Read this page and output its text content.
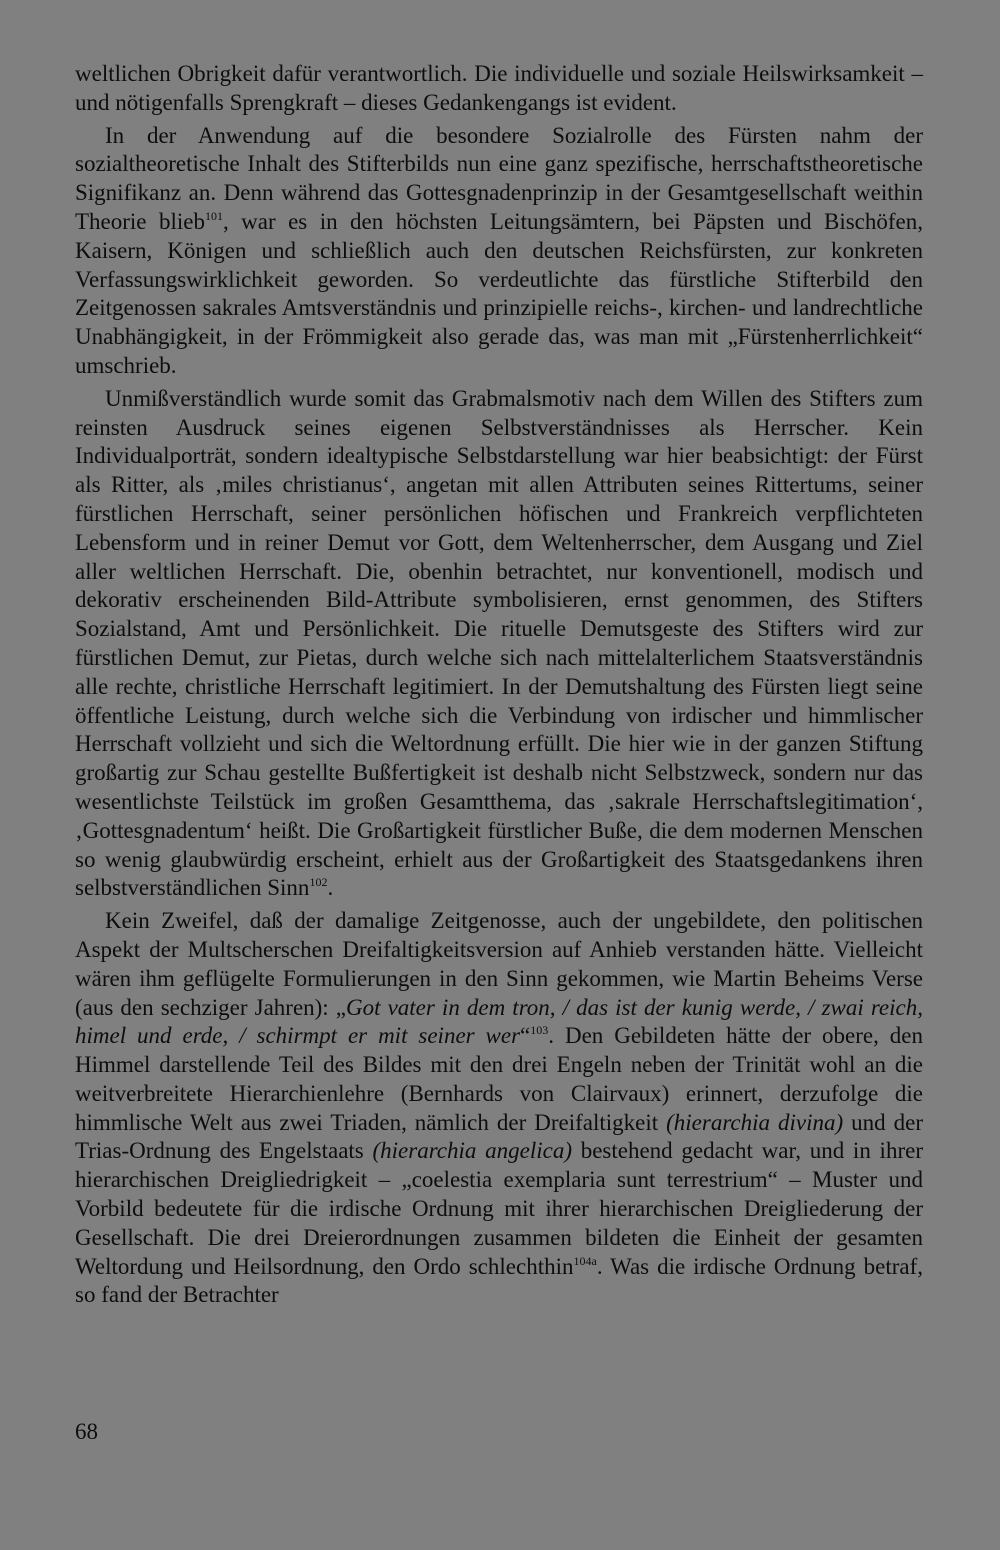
weltlichen Obrigkeit dafür verantwortlich. Die individuelle und soziale Heilswirksamkeit – und nötigenfalls Sprengkraft – dieses Gedankengangs ist evident.

In der Anwendung auf die besondere Sozialrolle des Fürsten nahm der sozialtheoretische Inhalt des Stifterbilds nun eine ganz spezifische, herrschaftstheoretische Signifikanz an. Denn während das Gottesgnadenprinzip in der Gesamtgesellschaft weithin Theorie blieb$^{101}$, war es in den höchsten Leitungsämtern, bei Päpsten und Bischöfen, Kaisern, Königen und schließlich auch den deutschen Reichsfürsten, zur konkreten Verfassungswirklichkeit geworden. So verdeutlichte das fürstliche Stifterbild den Zeitgenossen sakrales Amtsverständnis und prinzipielle reichs-, kirchen- und landrechtliche Unabhängigkeit, in der Frömmigkeit also gerade das, was man mit „Fürstenherrlichkeit“ umschrieb.

Unmißverständlich wurde somit das Grabmalsmotiv nach dem Willen des Stifters zum reinsten Ausdruck seines eigenen Selbstverständnisses als Herrscher. Kein Individualporträt, sondern idealtypische Selbstdarstellung war hier beabsichtigt: der Fürst als Ritter, als ‚miles christianus‘, angetan mit allen Attributen seines Rittertums, seiner fürstlichen Herrschaft, seiner persönlichen höfischen und Frankreich verpflichteten Lebensform und in reiner Demut vor Gott, dem Weltenherrscher, dem Ausgang und Ziel aller weltlichen Herrschaft. Die, obenhin betrachtet, nur konventionell, modisch und dekorativ erscheinenden Bild-Attribute symbolisieren, ernst genommen, des Stifters Sozialstand, Amt und Persönlichkeit. Die rituelle Demutsgeste des Stifters wird zur fürstlichen Demut, zur Pietas, durch welche sich nach mittelalterlichem Staatsverständnis alle rechte, christliche Herrschaft legitimiert. In der Demutshaltung des Fürsten liegt seine öffentliche Leistung, durch welche sich die Verbindung von irdischer und himmlischer Herrschaft vollzieht und sich die Weltordnung erfüllt. Die hier wie in der ganzen Stiftung großartig zur Schau gestellte Bußfertigkeit ist deshalb nicht Selbstzweck, sondern nur das wesentlichste Teilstück im großen Gesamtthema, das ‚sakrale Herrschaftslegitimation‘, ‚Gottesgnadentum‘ heißt. Die Großartigkeit fürstlicher Buße, die dem modernen Menschen so wenig glaubwürdig erscheint, erhielt aus der Großartigkeit des Staatsgedankens ihren selbstverständlichen Sinn$^{102}$.

Kein Zweifel, daß der damalige Zeitgenosse, auch der ungebildete, den politischen Aspekt der Multscherschen Dreifaltigkeitsversion auf Anhieb verstanden hätte. Vielleicht wären ihm geflügelte Formulierungen in den Sinn gekommen, wie Martin Beheims Verse (aus den sechziger Jahren): „Got vater in dem tron, / das ist der kunig werde, / zwai reich, himel und erde, / schirmpt er mit seiner wer“$^{103}$. Den Gebildeten hätte der obere, den Himmel darstellende Teil des Bildes mit den drei Engeln neben der Trinität wohl an die weitverbreitete Hierarchienlehre (Bernhards von Clairvaux) erinnert, derzufolge die himmlische Welt aus zwei Triaden, nämlich der Dreifaltigkeit (hierarchia divina) und der Trias-Ordnung des Engelstaats (hierarchia angelica) bestehend gedacht war, und in ihrer hierarchischen Dreigliedrigkeit – „coelestia exemplaria sunt terrestrium“ – Muster und Vorbild bedeutete für die irdische Ordnung mit ihrer hierarchischen Dreigliederung der Gesellschaft. Die drei Dreierordnungen zusammen bildeten die Einheit der gesamten Weltordung und Heilsordnung, den Ordo schlechthin$^{104a}$. Was die irdische Ordnung betraf, so fand der Betrachter

68
